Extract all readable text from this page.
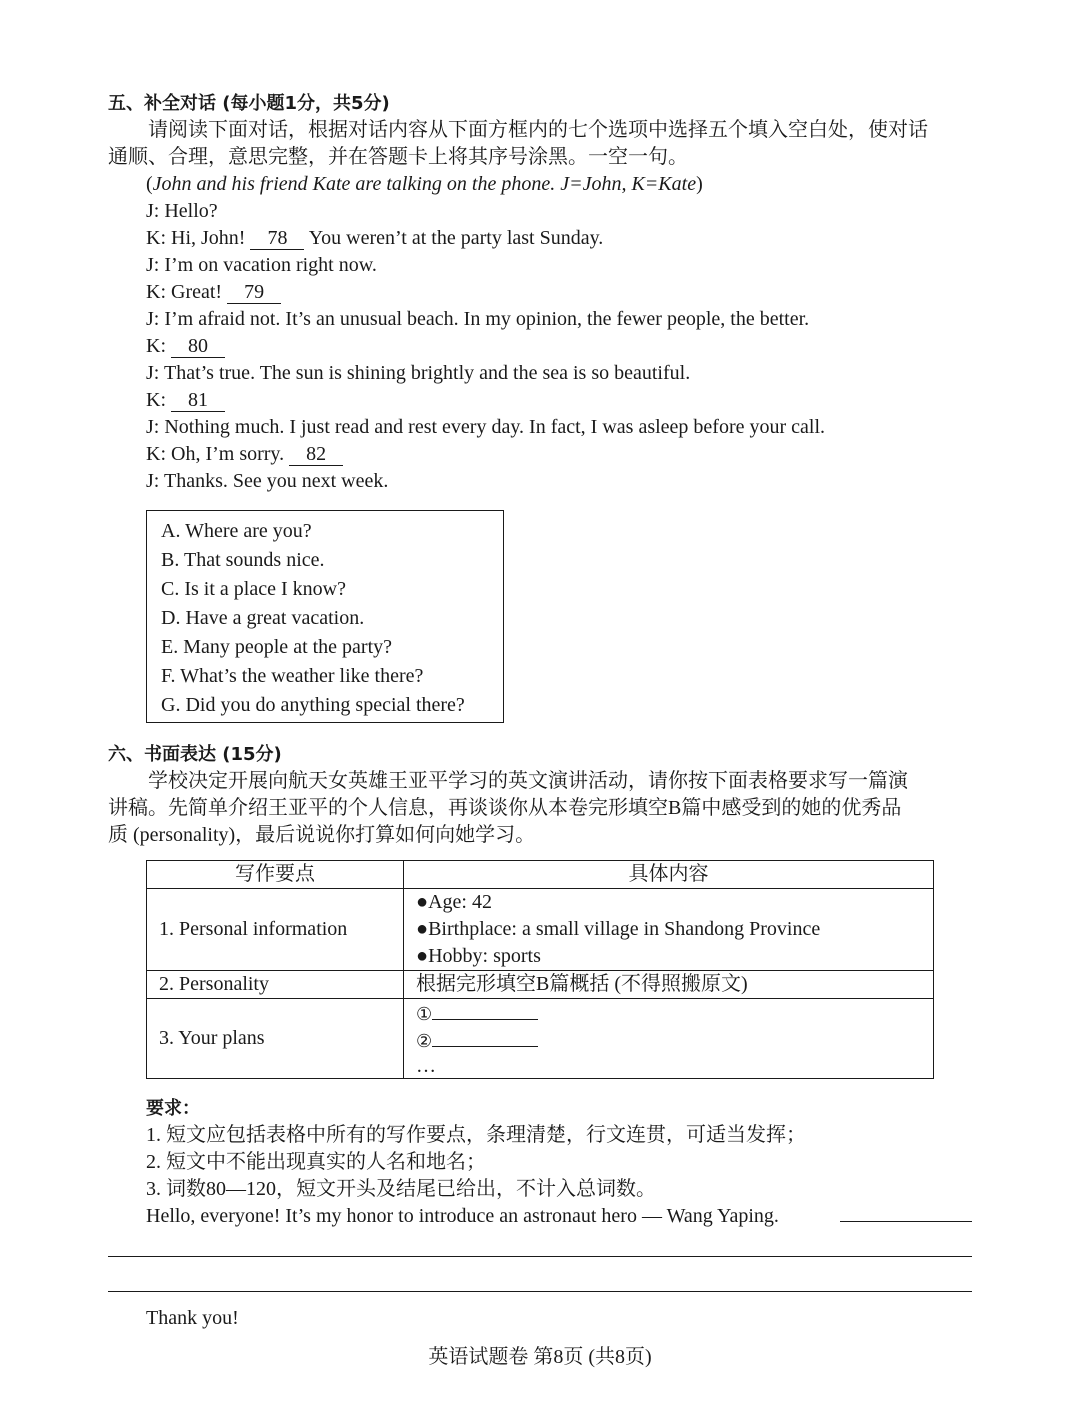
五、补全对话 (每小题1分，共5分)
请阅读下面对话，根据对话内容从下面方框内的七个选项中选择五个填入空白处，使对话
通顺、合理，意思完整，并在答题卡上将其序号涂黑。一空一句。
(John and his friend Kate are talking on the phone. J=John, K=Kate)
J: Hello?
K: Hi, John! 78 You weren’t at the party last Sunday.
J: I’m on vacation right now.
K: Great! 79
J: I’m afraid not. It’s an unusual beach. In my opinion, the fewer people, the better.
K: 80
J: That’s true. The sun is shining brightly and the sea is so beautiful.
K: 81
J: Nothing much. I just read and rest every day. In fact, I was asleep before your call.
K: Oh, I’m sorry. 82
J: Thanks. See you next week.
A. Where are you?
B. That sounds nice.
C. Is it a place I know?
D. Have a great vacation.
E. Many people at the party?
F. What’s the weather like there?
G. Did you do anything special there?
六、书面表达 (15分)
学校决定开展向航天女英雄王亚平学习的英文演讲活动，请你按下面表格要求写一篇演
讲稿。先简单介绍王亚平的个人信息，再谈谈你从本卷完形填空B篇中感受到的她的优秀品
质 (personality)，最后说说你打算如何向她学习。
写作要点	具体内容
1. Personal information	●Age: 42
●Birthplace: a small village in Shandong Province
●Hobby: sports

2. Personality	根据完形填空B篇概括 (不得照搬原文)
3. Your plans	①
②
…
要求：
1. 短文应包括表格中所有的写作要点，条理清楚，行文连贯，可适当发挥；
2. 短文中不能出现真实的人名和地名；
3. 词数80—120，短文开头及结尾已给出，不计入总词数。
Hello, everyone! It’s my honor to introduce an astronaut hero — Wang Yaping.
Thank you!
英语试题卷 第8页 (共8页)
